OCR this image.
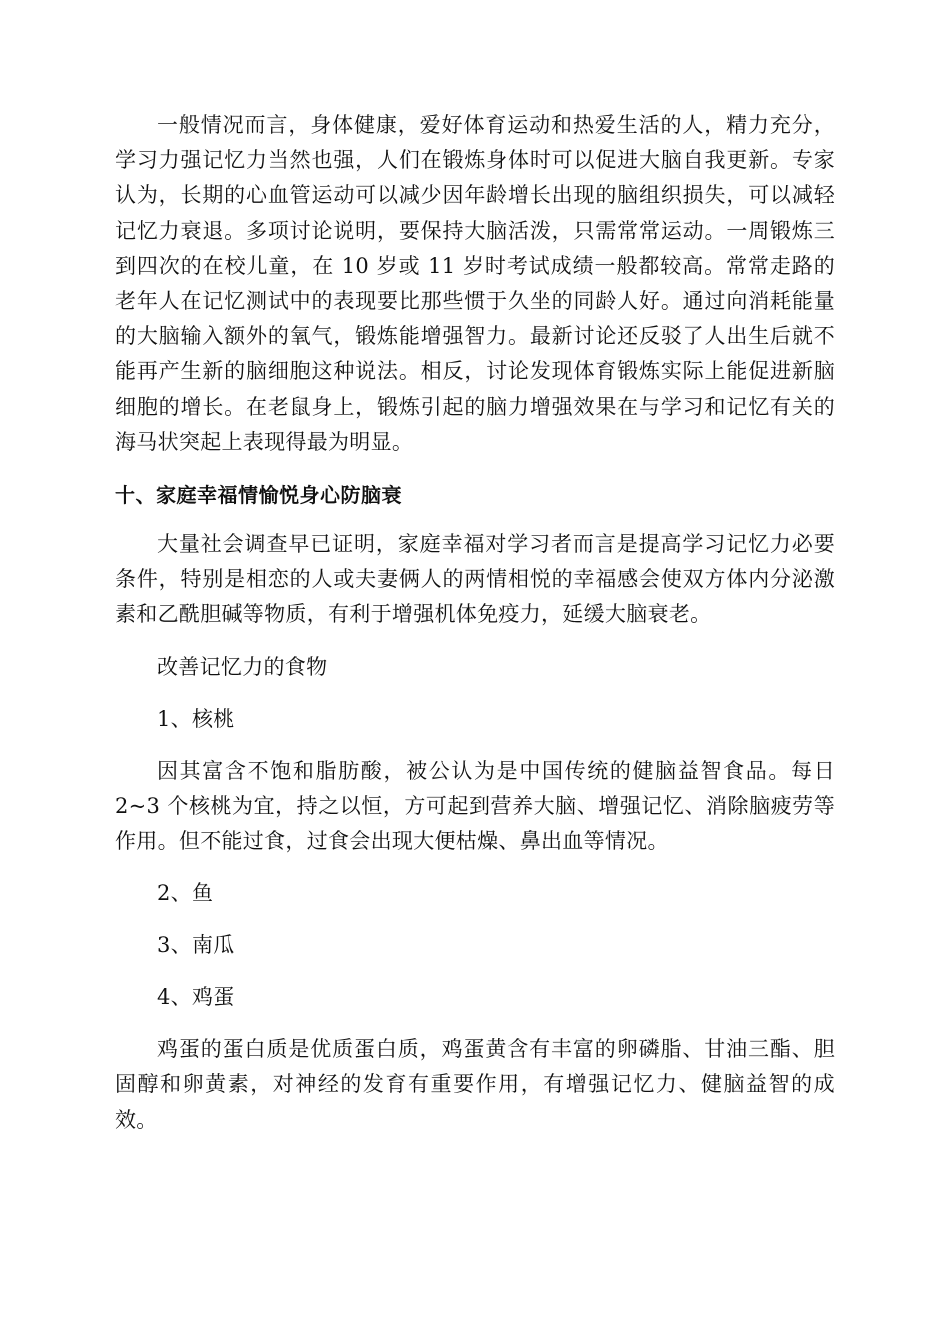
一般情况而言，身体健康，爱好体育运动和热爱生活的人，精力充分，学习力强记忆力当然也强，人们在锻炼身体时可以促进大脑自我更新。专家认为，长期的心血管运动可以减少因年龄增长出现的脑组织损失，可以减轻记忆力衰退。多项讨论说明，要保持大脑活泼，只需常常运动。一周锻炼三到四次的在校儿童，在 10 岁或 11 岁时考试成绩一般都较高。常常走路的老年人在记忆测试中的表现要比那些惯于久坐的同龄人好。通过向消耗能量的大脑输入额外的氧气，锻炼能增强智力。最新讨论还反驳了人出生后就不能再产生新的脑细胞这种说法。相反，讨论发现体育锻炼实际上能促进新脑细胞的增长。在老鼠身上，锻炼引起的脑力增强效果在与学习和记忆有关的海马状突起上表现得最为明显。

十、家庭幸福情愉悦身心防脑衰

大量社会调查早已证明，家庭幸福对学习者而言是提高学习记忆力必要条件，特别是相恋的人或夫妻俩人的两情相悦的幸福感会使双方体内分泌激素和乙酰胆碱等物质，有利于增强机体免疫力，延缓大脑衰老。

改善记忆力的食物

1、核桃

因其富含不饱和脂肪酸，被公认为是中国传统的健脑益智食品。每日 2~3 个核桃为宜，持之以恒，方可起到营养大脑、增强记忆、消除脑疲劳等作用。但不能过食，过食会出现大便枯燥、鼻出血等情况。

2、鱼

3、南瓜

4、鸡蛋

鸡蛋的蛋白质是优质蛋白质，鸡蛋黄含有丰富的卵磷脂、甘油三酯、胆固醇和卵黄素，对神经的发育有重要作用，有增强记忆力、健脑益智的成效。
